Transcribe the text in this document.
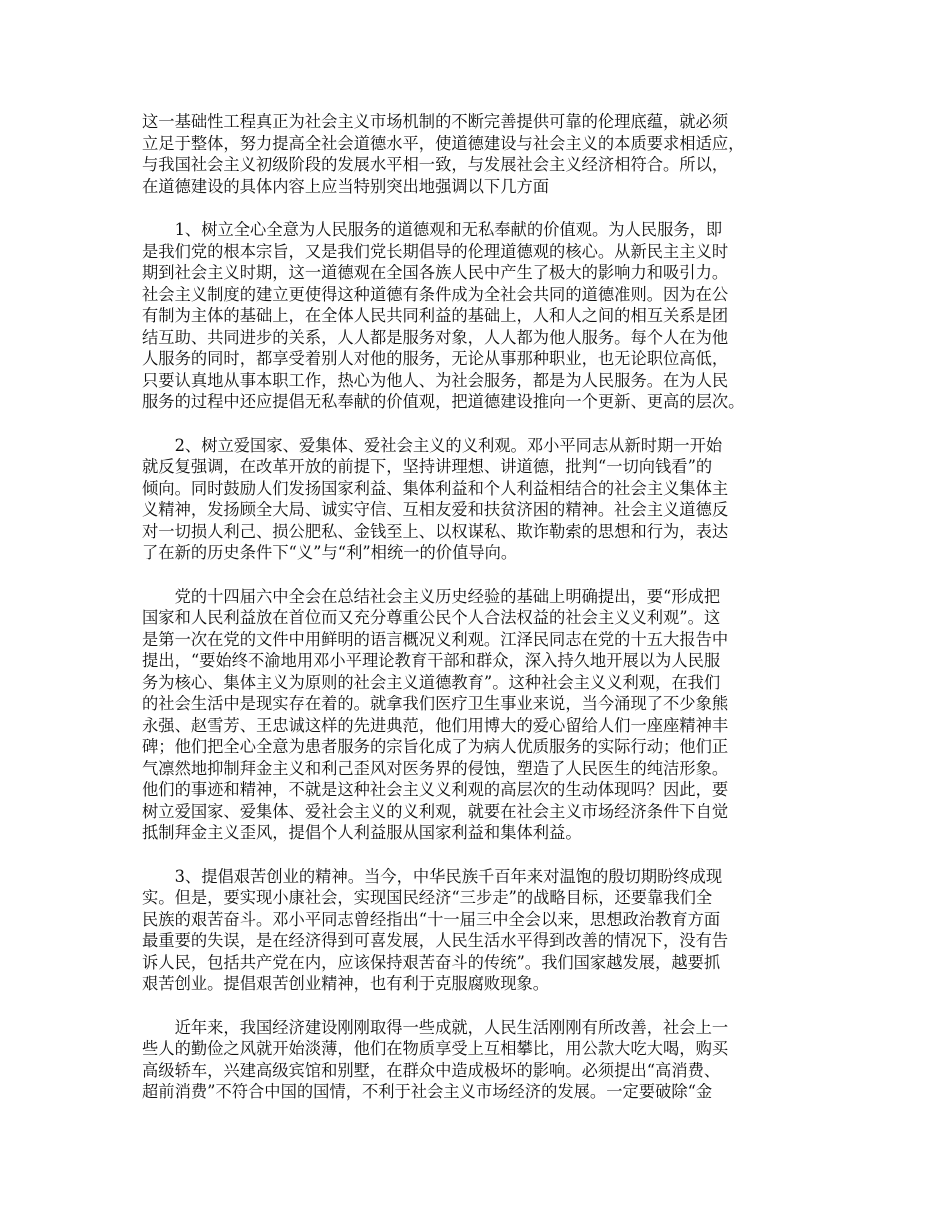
这一基础性工程真正为社会主义市场机制的不断完善提供可靠的伦理底蕴，就必须
立足于整体，努力提高全社会道德水平，使道德建设与社会主义的本质要求相适应，
与我国社会主义初级阶段的发展水平相一致，与发展社会主义经济相符合。所以，
在道德建设的具体内容上应当特别突出地强调以下几方面

　　1、树立全心全意为人民服务的道德观和无私奉献的价值观。为人民服务，即
是我们党的根本宗旨，又是我们党长期倡导的伦理道德观的核心。从新民主主义时
期到社会主义时期，这一道德观在全国各族人民中产生了极大的影响力和吸引力。
社会主义制度的建立更使得这种道德有条件成为全社会共同的道德准则。因为在公
有制为主体的基础上，在全体人民共同利益的基础上，人和人之间的相互关系是团
结互助、共同进步的关系，人人都是服务对象，人人都为他人服务。每个人在为他
人服务的同时，都享受着别人对他的服务，无论从事那种职业，也无论职位高低，
只要认真地从事本职工作，热心为他人、为社会服务，都是为人民服务。在为人民
服务的过程中还应提倡无私奉献的价值观，把道德建设推向一个更新、更高的层次。

　　2、树立爱国家、爱集体、爱社会主义的义利观。邓小平同志从新时期一开始
就反复强调，在改革开放的前提下，坚持讲理想、讲道德，批判“一切向钱看”的
倾向。同时鼓励人们发扬国家利益、集体利益和个人利益相结合的社会主义集体主
义精神，发扬顾全大局、诚实守信、互相友爱和扶贫济困的精神。社会主义道德反
对一切损人利己、损公肥私、金钱至上、以权谋私、欺诈勒索的思想和行为，表达
了在新的历史条件下“义”与“利”相统一的价值导向。

　　党的十四届六中全会在总结社会主义历史经验的基础上明确提出，要“形成把
国家和人民利益放在首位而又充分尊重公民个人合法权益的社会主义义利观”。这
是第一次在党的文件中用鲜明的语言概况义利观。江泽民同志在党的十五大报告中
提出，“要始终不渝地用邓小平理论教育干部和群众，深入持久地开展以为人民服
务为核心、集体主义为原则的社会主义道德教育”。这种社会主义义利观，在我们
的社会生活中是现实存在着的。就拿我们医疗卫生事业来说，当今涌现了不少象熊
永强、赵雪芳、王忠诚这样的先进典范，他们用博大的爱心留给人们一座座精神丰
碑；他们把全心全意为患者服务的宗旨化成了为病人优质服务的实际行动；他们正
气凛然地抑制拜金主义和利己歪风对医务界的侵蚀，塑造了人民医生的纯洁形象。
他们的事迹和精神，不就是这种社会主义义利观的高层次的生动体现吗？因此，要
树立爱国家、爱集体、爱社会主义的义利观，就要在社会主义市场经济条件下自觉
抵制拜金主义歪风，提倡个人利益服从国家利益和集体利益。

　　3、提倡艰苦创业的精神。当今，中华民族千百年来对温饱的殷切期盼终成现
实。但是，要实现小康社会，实现国民经济“三步走”的战略目标，还要靠我们全
民族的艰苦奋斗。邓小平同志曾经指出“十一届三中全会以来，思想政治教育方面
最重要的失误，是在经济得到可喜发展，人民生活水平得到改善的情况下，没有告
诉人民，包括共产党在内，应该保持艰苦奋斗的传统”。我们国家越发展，越要抓
艰苦创业。提倡艰苦创业精神，也有利于克服腐败现象。

　　近年来，我国经济建设刚刚取得一些成就，人民生活刚刚有所改善，社会上一
些人的勤俭之风就开始淡薄，他们在物质享受上互相攀比，用公款大吃大喝，购买
高级轿车，兴建高级宾馆和别墅，在群众中造成极坏的影响。必须提出“高消费、
超前消费”不符合中国的国情，不利于社会主义市场经济的发展。一定要破除“金
